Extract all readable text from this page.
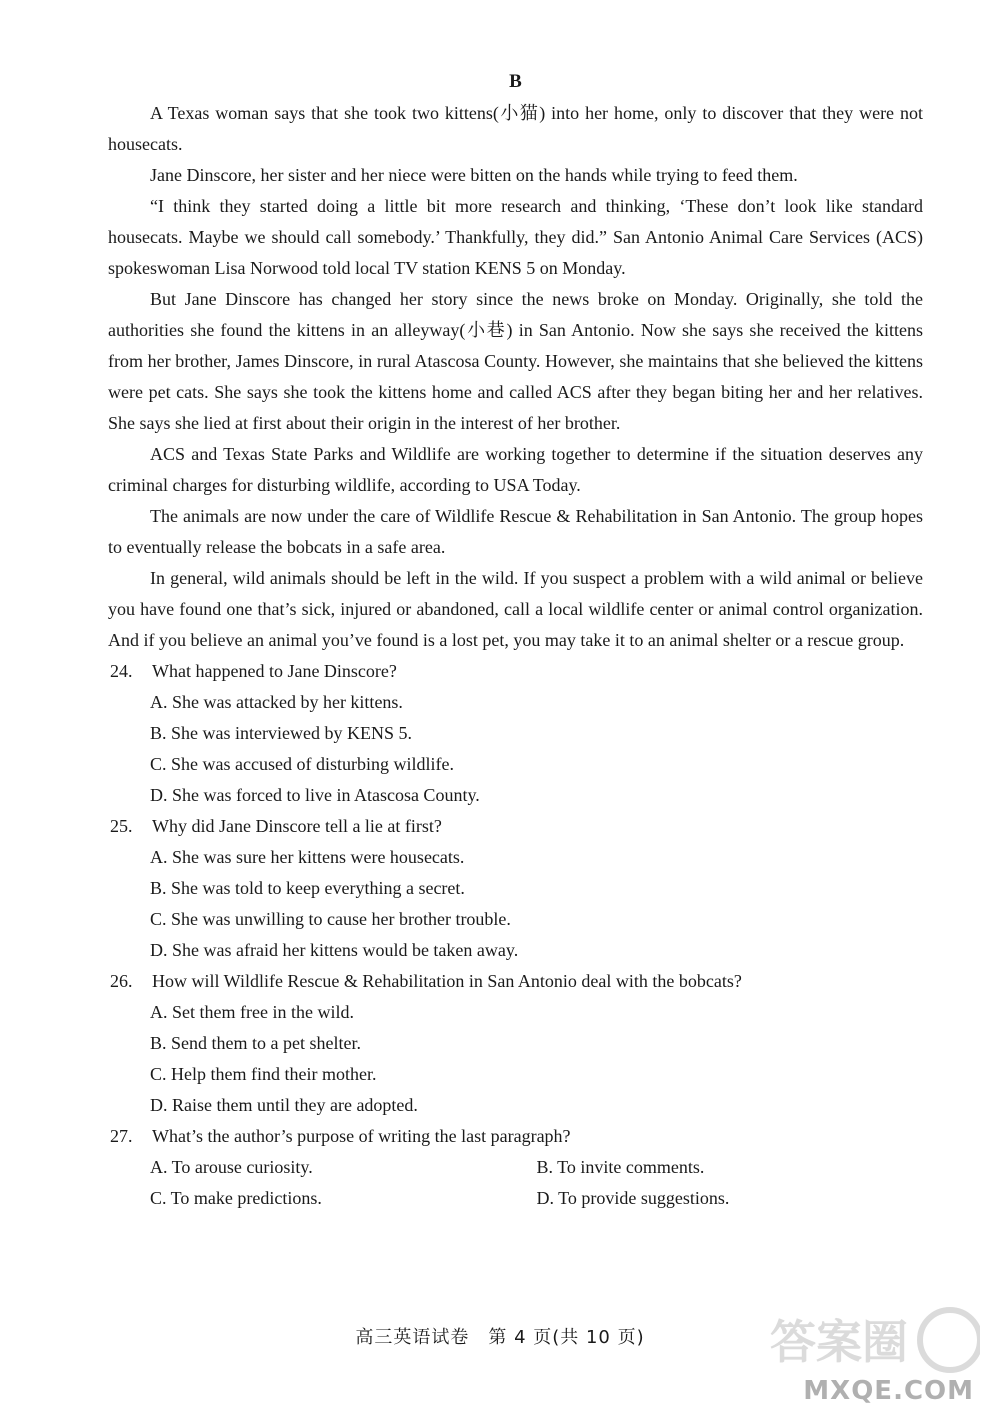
B

A Texas woman says that she took two kittens(小猫) into her home, only to discover that they were not housecats.

Jane Dinscore, her sister and her niece were bitten on the hands while trying to feed them.

“I think they started doing a little bit more research and thinking, ‘These don’t look like standard housecats. Maybe we should call somebody.’ Thankfully, they did.” San Antonio Animal Care Services (ACS) spokeswoman Lisa Norwood told local TV station KENS 5 on Monday.

But Jane Dinscore has changed her story since the news broke on Monday. Originally, she told the authorities she found the kittens in an alleyway(小巷) in San Antonio. Now she says she received the kittens from her brother, James Dinscore, in rural Atascosa County. However, she maintains that she believed the kittens were pet cats. She says she took the kittens home and called ACS after they began biting her and her relatives. She says she lied at first about their origin in the interest of her brother.

ACS and Texas State Parks and Wildlife are working together to determine if the situation deserves any criminal charges for disturbing wildlife, according to USA Today.

The animals are now under the care of Wildlife Rescue & Rehabilitation in San Antonio. The group hopes to eventually release the bobcats in a safe area.

In general, wild animals should be left in the wild. If you suspect a problem with a wild animal or believe you have found one that’s sick, injured or abandoned, call a local wildlife center or animal control organization. And if you believe an animal you’ve found is a lost pet, you may take it to an animal shelter or a rescue group.

24. What happened to Jane Dinscore?

A. She was attacked by her kittens.

B. She was interviewed by KENS 5.

C. She was accused of disturbing wildlife.

D. She was forced to live in Atascosa County.

25. Why did Jane Dinscore tell a lie at first?

A. She was sure her kittens were housecats.

B. She was told to keep everything a secret.

C. She was unwilling to cause her brother trouble.

D. She was afraid her kittens would be taken away.

26. How will Wildlife Rescue & Rehabilitation in San Antonio deal with the bobcats?

A. Set them free in the wild.

B. Send them to a pet shelter.

C. Help them find their mother.

D. Raise them until they are adopted.

27. What’s the author’s purpose of writing the last paragraph?

A. To arouse curiosity.	B. To invite comments.
C. To make predictions.	D. To provide suggestions.
高三英语试卷　第 4 页(共 10 页)	答案圈
MXQE.COM
